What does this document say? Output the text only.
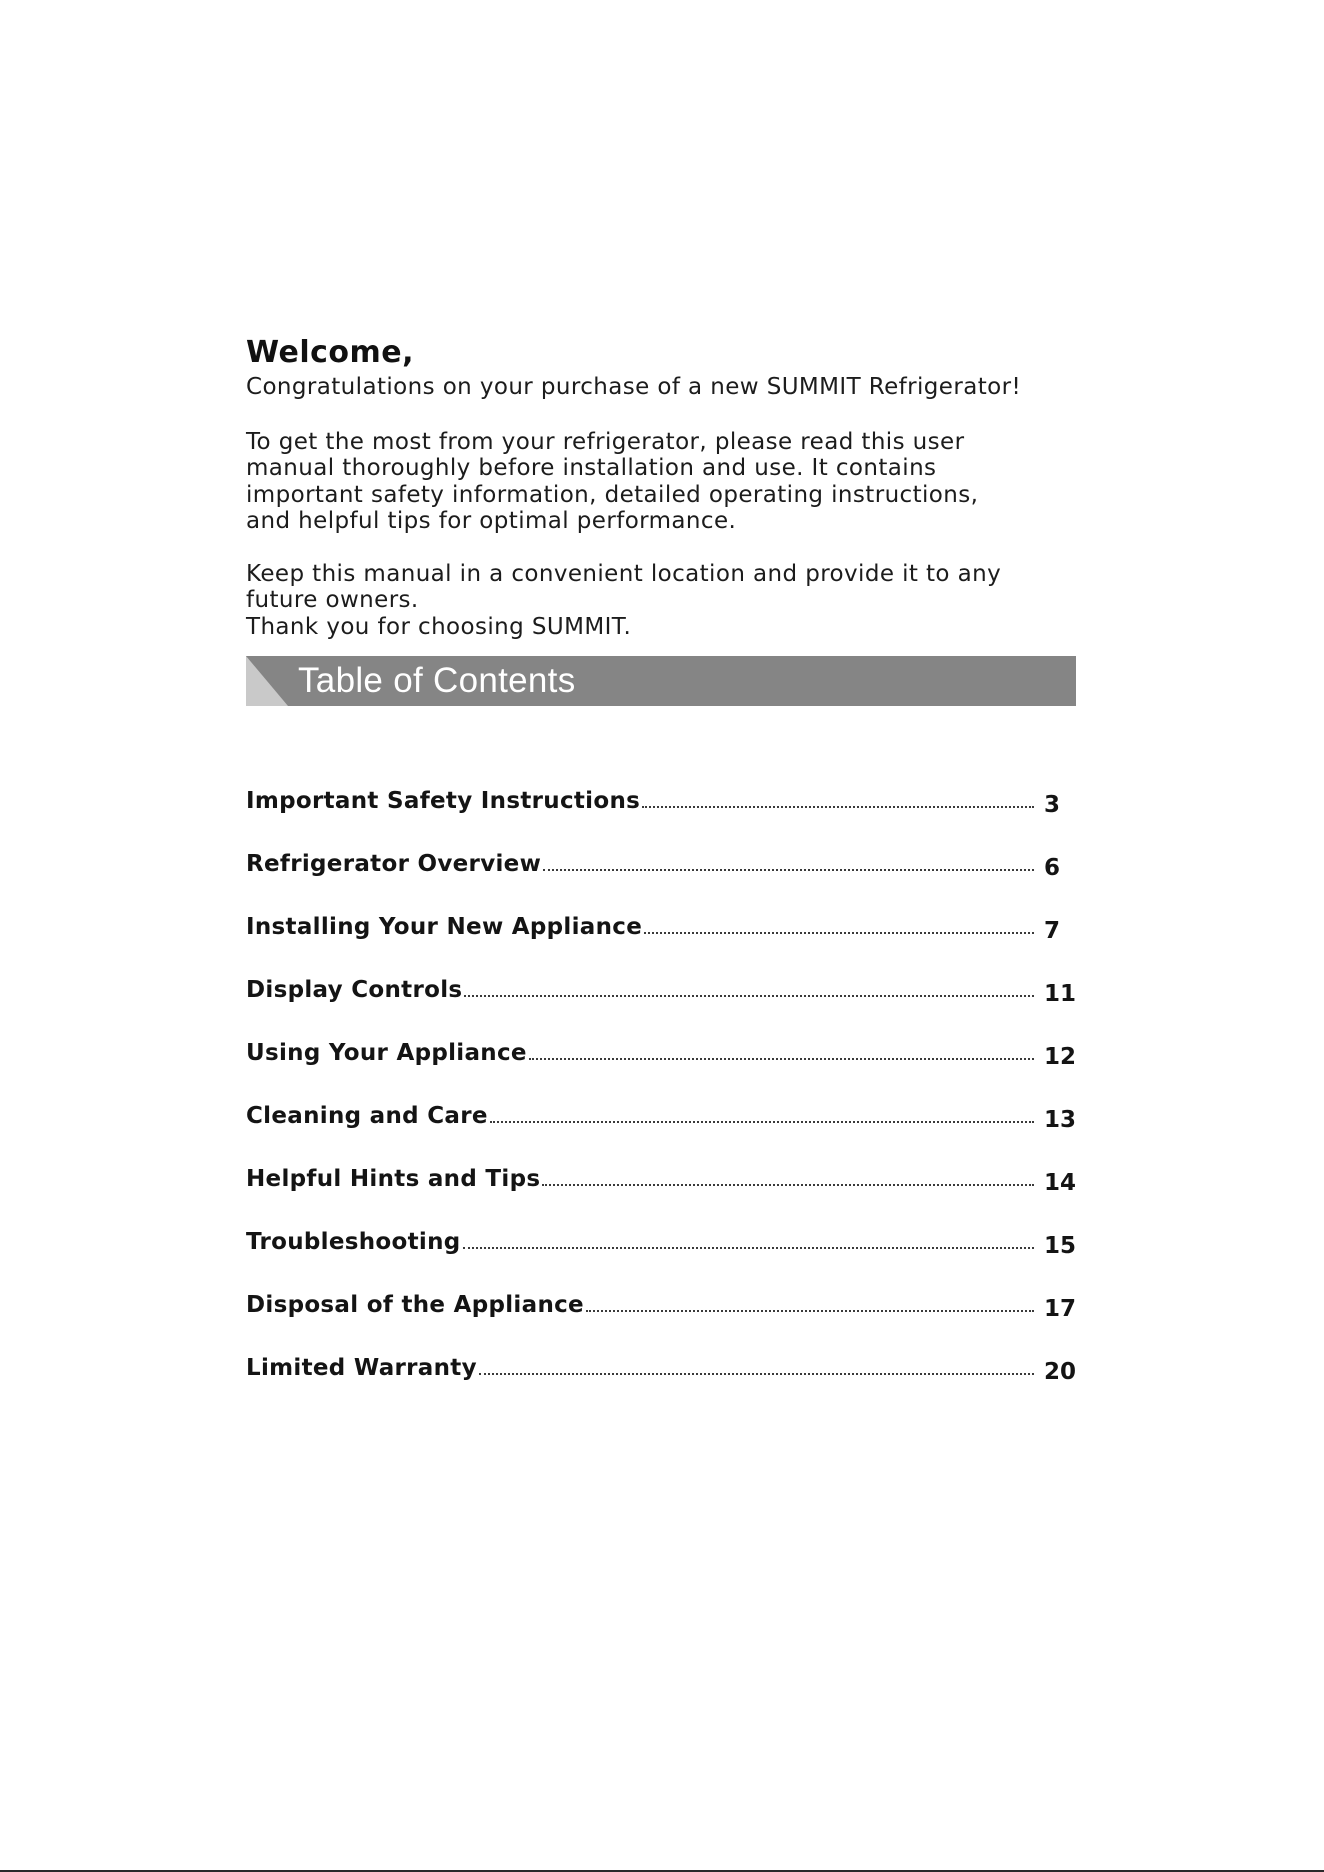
Welcome,

Congratulations on your purchase of a new SUMMIT Refrigerator!

To get the most from your refrigerator, please read this user
manual thoroughly before installation and use. It contains
important safety information, detailed operating instructions,
and helpful tips for optimal performance.

Keep this manual in a convenient location and provide it to any
future owners.
Thank you for choosing SUMMIT.

Table of Contents
Important Safety Instructions	3
Refrigerator Overview	6
Installing Your New Appliance	7
Display Controls	11
Using Your Appliance	12
Cleaning and Care	13
Helpful Hints and Tips	14
Troubleshooting	15
Disposal of the Appliance	17
Limited Warranty	20
